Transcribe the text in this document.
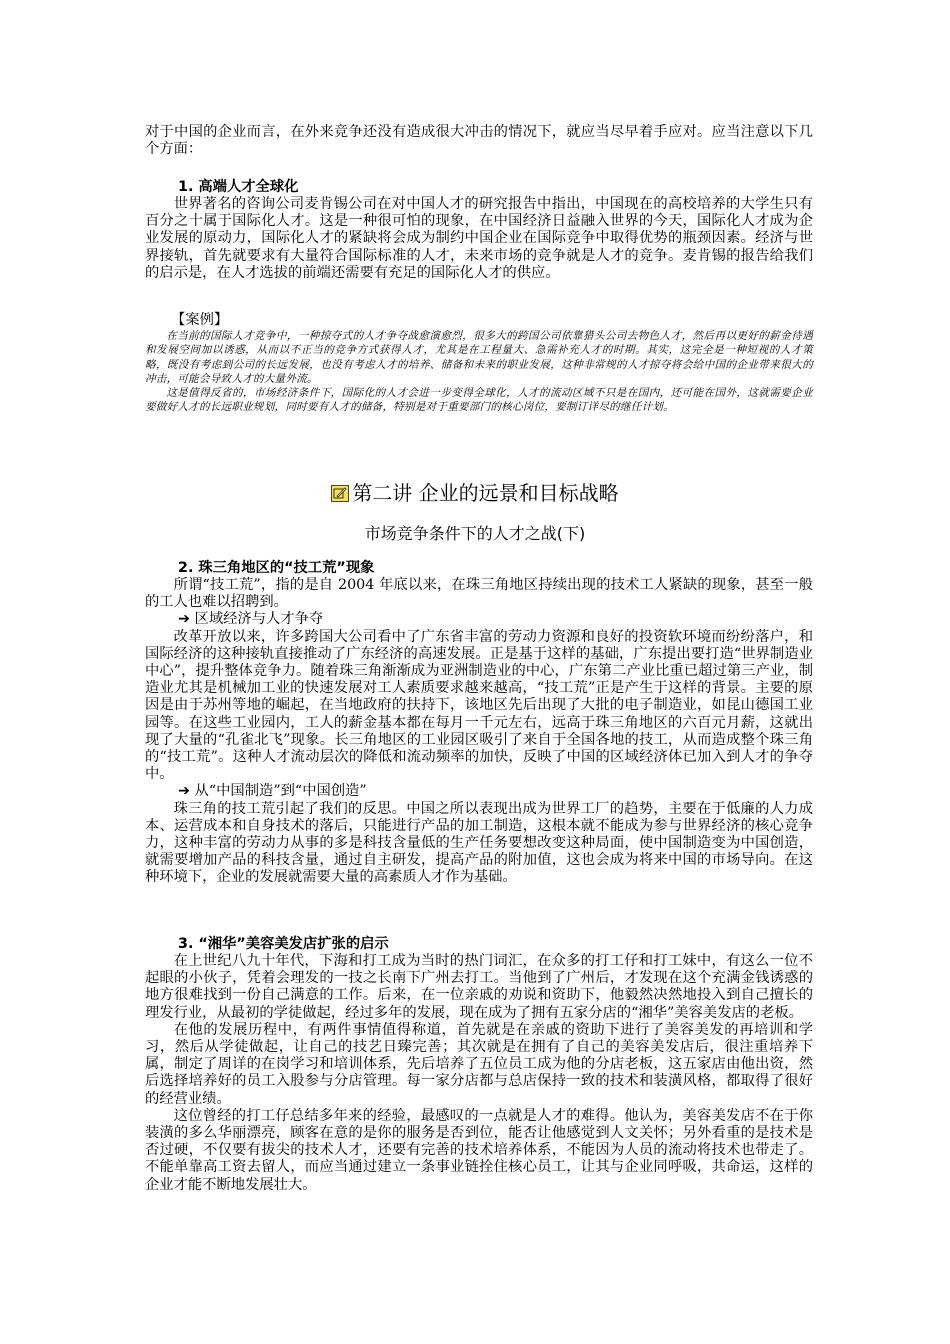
对于中国的企业而言，在外来竞争还没有造成很大冲击的情况下，就应当尽早着手应对。应当注意以下几个方面：

1. 高端人才全球化

世界著名的咨询公司麦肯锡公司在对中国人才的研究报告中指出，中国现在的高校培养的大学生只有百分之十属于国际化人才。这是一种很可怕的现象，在中国经济日益融入世界的今天，国际化人才成为企业发展的原动力，国际化人才的紧缺将会成为制约中国企业在国际竞争中取得优势的瓶颈因素。经济与世界接轨，首先就要求有大量符合国际标准的人才，未来市场的竞争就是人才的竞争。麦肯锡的报告给我们的启示是，在人才选拔的前端还需要有充足的国际化人才的供应。

【案例】

在当前的国际人才竞争中，一种掠夺式的人才争夺战愈演愈烈，很多大的跨国公司依靠猎头公司去物色人才，然后再以更好的薪金待遇和发展空间加以诱惑，从而以不正当的竞争方式获得人才，尤其是在工程量大、急需补充人才的时期。其实，这完全是一种短视的人才策略，既没有考虑到公司的长远发展，也没有考虑人才的培养、储备和未来的职业发展，这种非常规的人才掠夺将会给中国的企业带来很大的冲击，可能会导致人才的大量外流。

这是值得反省的，市场经济条件下，国际化的人才会进一步变得全球化，人才的流动区域不只是在国内，还可能在国外，这就需要企业要做好人才的长远职业规划，同时要有人才的储备，特别是对于重要部门的核心岗位，要制订详尽的继任计划。

第二讲 企业的远景和目标战略
市场竞争条件下的人才之战(下)

2. 珠三角地区的“技工荒”现象

所谓“技工荒”，指的是自 2004 年底以来，在珠三角地区持续出现的技术工人紧缺的现象，甚至一般的工人也难以招聘到。

➔ 区域经济与人才争夺

改革开放以来，许多跨国大公司看中了广东省丰富的劳动力资源和良好的投资软环境而纷纷落户，和国际经济的这种接轨直接推动了广东经济的高速发展。正是基于这样的基础，广东提出要打造“世界制造业中心”，提升整体竞争力。随着珠三角渐渐成为亚洲制造业的中心，广东第二产业比重已超过第三产业，制造业尤其是机械加工业的快速发展对工人素质要求越来越高，“技工荒”正是产生于这样的背景。主要的原因是由于苏州等地的崛起，在当地政府的扶持下，该地区先后出现了大批的电子制造业，如昆山德国工业园等。在这些工业园内，工人的薪金基本都在每月一千元左右，远高于珠三角地区的六百元月薪，这就出现了大量的“孔雀北飞”现象。长三角地区的工业园区吸引了来自于全国各地的技工，从而造成整个珠三角的“技工荒”。这种人才流动层次的降低和流动频率的加快，反映了中国的区域经济体已加入到人才的争夺中。

➔ 从“中国制造”到“中国创造”

珠三角的技工荒引起了我们的反思。中国之所以表现出成为世界工厂的趋势，主要在于低廉的人力成本、运营成本和自身技术的落后，只能进行产品的加工制造，这根本就不能成为参与世界经济的核心竞争力，这种丰富的劳动力从事的多是科技含量低的生产任务要想改变这种局面，使中国制造变为中国创造，就需要增加产品的科技含量，通过自主研发，提高产品的附加值，这也会成为将来中国的市场导向。在这种环境下，企业的发展就需要大量的高素质人才作为基础。

3. “湘华”美容美发店扩张的启示

在上世纪八九十年代，下海和打工成为当时的热门词汇，在众多的打工仔和打工妹中，有这么一位不起眼的小伙子，凭着会理发的一技之长南下广州去打工。当他到了广州后，才发现在这个充满金钱诱惑的地方很难找到一份自己满意的工作。后来，在一位亲戚的劝说和资助下，他毅然决然地投入到自己擅长的理发行业，从最初的学徒做起，经过多年的发展，现在成为了拥有五家分店的“湘华”美容美发店的老板。

在他的发展历程中，有两件事情值得称道，首先就是在亲戚的资助下进行了美容美发的再培训和学习，然后从学徒做起，让自己的技艺日臻完善；其次就是在拥有了自己的美容美发店后，很注重培养下属，制定了周详的在岗学习和培训体系，先后培养了五位员工成为他的分店老板，这五家店由他出资，然后选择培养好的员工入股参与分店管理。每一家分店都与总店保持一致的技术和装潢风格，都取得了很好的经营业绩。

这位曾经的打工仔总结多年来的经验，最感叹的一点就是人才的难得。他认为，美容美发店不在于你装潢的多么华丽漂亮，顾客在意的是你的服务是否到位，能否让他感觉到人文关怀；另外看重的是技术是否过硬，不仅要有拔尖的技术人才，还要有完善的技术培养体系，不能因为人员的流动将技术也带走了。不能单靠高工资去留人，而应当通过建立一条事业链拴住核心员工，让其与企业同呼吸，共命运，这样的企业才能不断地发展壮大。
